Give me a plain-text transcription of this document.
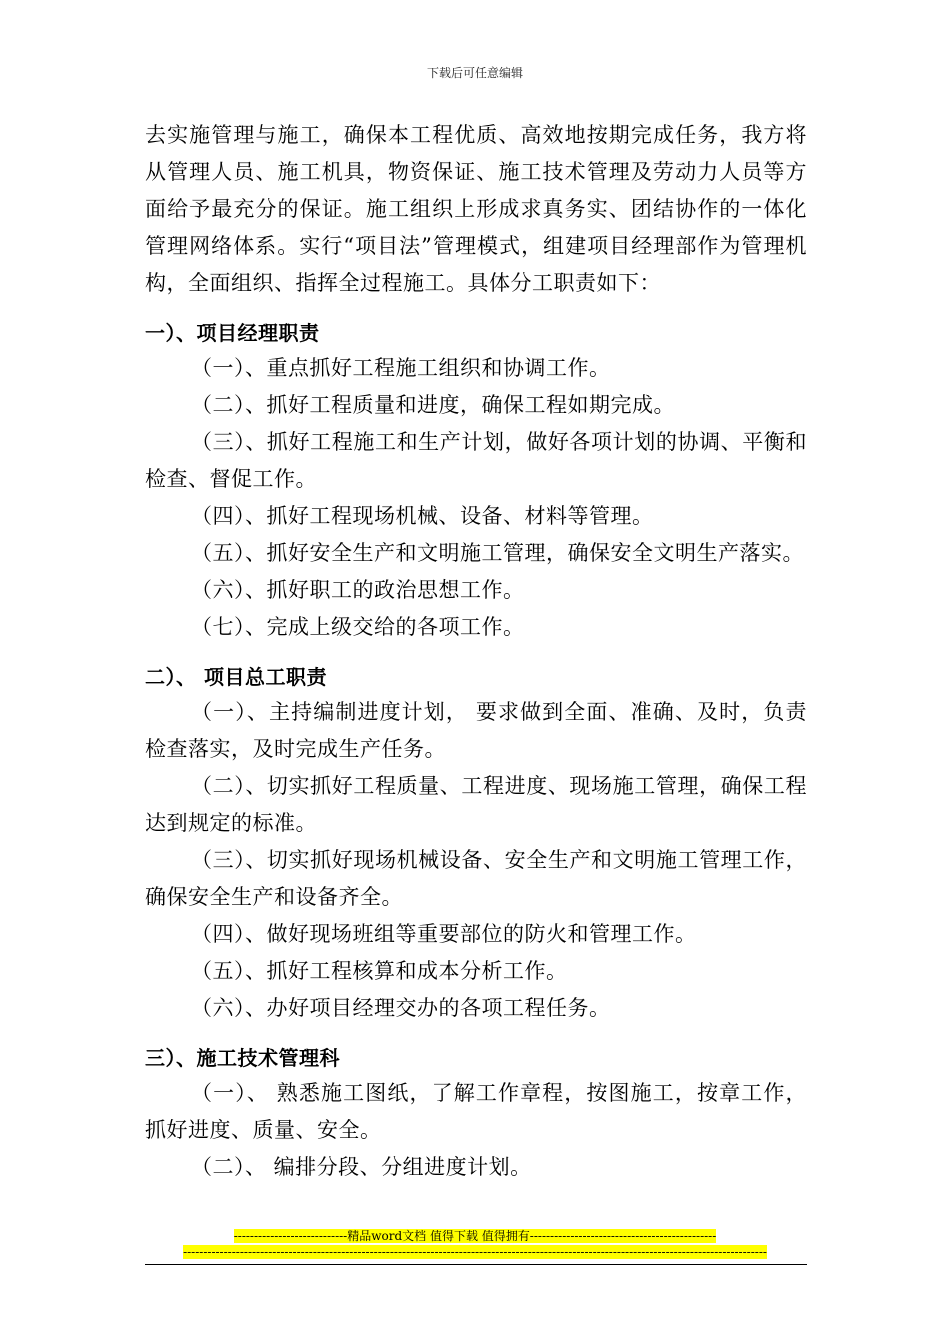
下载后可任意编辑

去实施管理与施工，确保本工程优质、高效地按期完成任务，我方将从管理人员、施工机具，物资保证、施工技术管理及劳动力人员等方面给予最充分的保证。施工组织上形成求真务实、团结协作的一体化管理网络体系。实行“项目法”管理模式，组建项目经理部作为管理机构，全面组织、指挥全过程施工。具体分工职责如下：

一）、项目经理职责

（一）、重点抓好工程施工组织和协调工作。

（二）、抓好工程质量和进度，确保工程如期完成。

（三）、抓好工程施工和生产计划，做好各项计划的协调、平衡和检查、督促工作。

（四）、抓好工程现场机械、设备、材料等管理。

（五）、抓好安全生产和文明施工管理，确保安全文明生产落实。

（六）、抓好职工的政治思想工作。

（七）、完成上级交给的各项工作。

二）、 项目总工职责

（一）、主持编制进度计划， 要求做到全面、准确、及时，负责检查落实，及时完成生产任务。

（二）、切实抓好工程质量、工程进度、现场施工管理，确保工程达到规定的标准。

（三）、切实抓好现场机械设备、安全生产和文明施工管理工作，确保安全生产和设备齐全。

（四）、做好现场班组等重要部位的防火和管理工作。

（五）、抓好工程核算和成本分析工作。

（六）、办好项目经理交办的各项工程任务。

三）、施工技术管理科

（一）、 熟悉施工图纸，了解工作章程，按图施工，按章工作，抓好进度、质量、安全。

（二）、 编排分段、分组进度计划。

----------------------------精品word文档 值得下载 值得拥有----------------------------------------------
------------------------------------------------------------------------------------------------------------------------------------------------
